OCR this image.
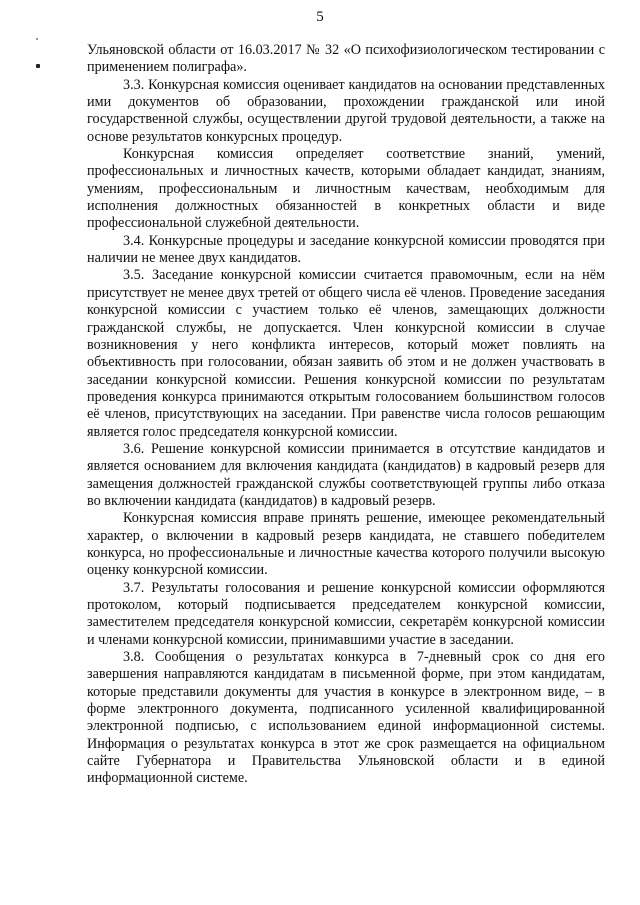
5

Ульяновской области от 16.03.2017 № 32 «О психофизиологическом тестировании с применением полиграфа».

3.3. Конкурсная комиссия оценивает кандидатов на основании представленных ими документов об образовании, прохождении гражданской или иной государственной службы, осуществлении другой трудовой деятельности, а также на основе результатов конкурсных процедур.

Конкурсная комиссия определяет соответствие знаний, умений, профессиональных и личностных качеств, которыми обладает кандидат, знаниям, умениям, профессиональным и личностным качествам, необходимым для исполнения должностных обязанностей в конкретных области и виде профессиональной служебной деятельности.

3.4. Конкурсные процедуры и заседание конкурсной комиссии проводятся при наличии не менее двух кандидатов.

3.5. Заседание конкурсной комиссии считается правомочным, если на нём присутствует не менее двух третей от общего числа её членов. Проведение заседания конкурсной комиссии с участием только её членов, замещающих должности гражданской службы, не допускается. Член конкурсной комиссии в случае возникновения у него конфликта интересов, который может повлиять на объективность при голосовании, обязан заявить об этом и не должен участвовать в заседании конкурсной комиссии. Решения конкурсной комиссии по результатам проведения конкурса принимаются открытым голосованием большинством голосов её членов, присутствующих на заседании. При равенстве числа голосов решающим является голос председателя конкурсной комиссии.

3.6. Решение конкурсной комиссии принимается в отсутствие кандидатов и является основанием для включения кандидата (кандидатов) в кадровый резерв для замещения должностей гражданской службы соответствующей группы либо отказа во включении кандидата (кандидатов) в кадровый резерв.

Конкурсная комиссия вправе принять решение, имеющее рекомендательный характер, о включении в кадровый резерв кандидата, не ставшего победителем конкурса, но профессиональные и личностные качества которого получили высокую оценку конкурсной комиссии.

3.7. Результаты голосования и решение конкурсной комиссии оформляются протоколом, который подписывается председателем конкурсной комиссии, заместителем председателя конкурсной комиссии, секретарём конкурсной комиссии и членами конкурсной комиссии, принимавшими участие в заседании.

3.8. Сообщения о результатах конкурса в 7-дневный срок со дня его завершения направляются кандидатам в письменной форме, при этом кандидатам, которые представили документы для участия в конкурсе в электронном виде, – в форме электронного документа, подписанного усиленной квалифицированной электронной подписью, с использованием единой информационной системы. Информация о результатах конкурса в этот же срок размещается на официальном сайте Губернатора и Правительства Ульяновской области и в единой информационной системе.
